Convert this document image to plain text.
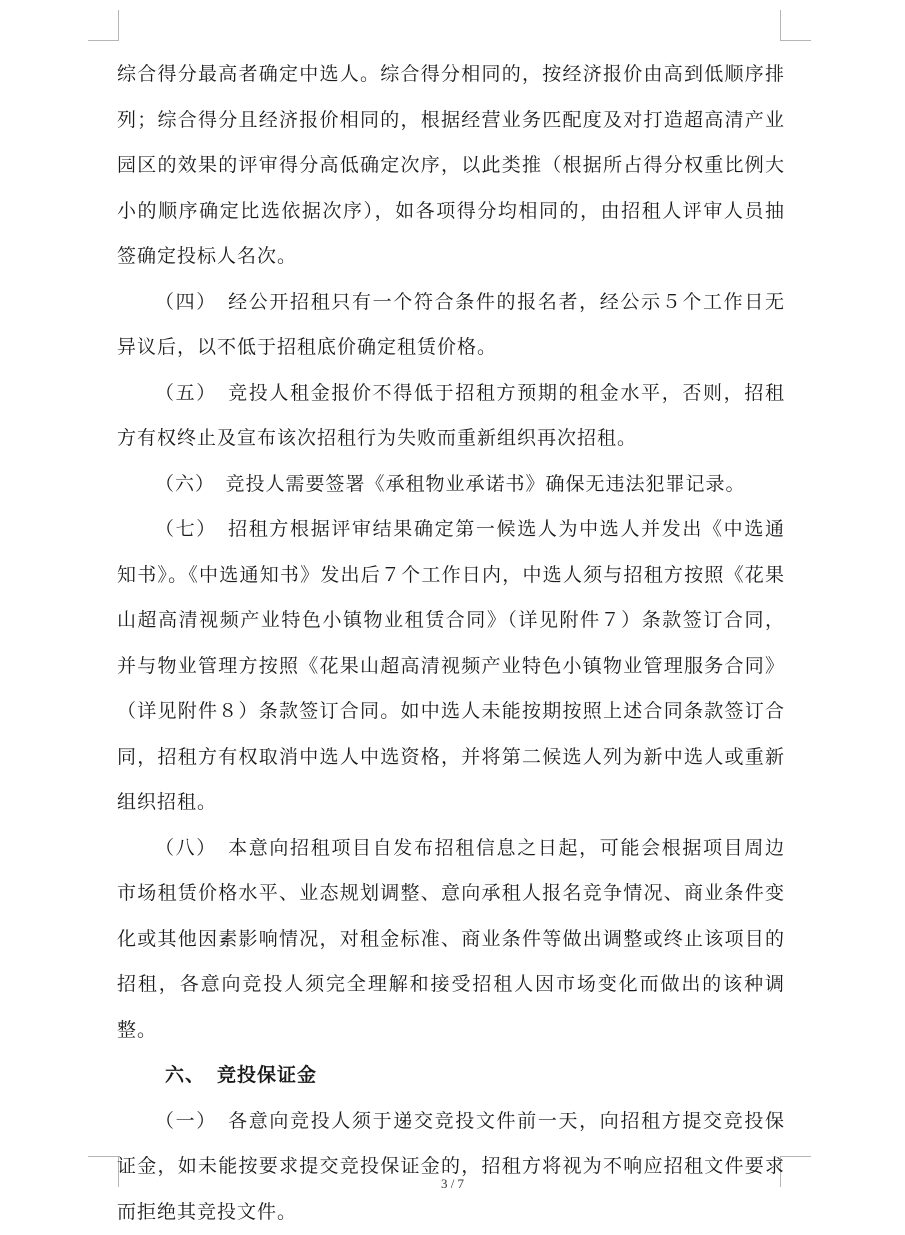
综合得分最高者确定中选人。综合得分相同的，按经济报价由高到低顺序排列；综合得分且经济报价相同的，根据经营业务匹配度及对打造超高清产业园区的效果的评审得分高低确定次序，以此类推（根据所占得分权重比例大小的顺序确定比选依据次序），如各项得分均相同的，由招租人评审人员抽签确定投标人名次。

（四）　经公开招租只有一个符合条件的报名者，经公示５个工作日无异议后，以不低于招租底价确定租赁价格。

（五）　竞投人租金报价不得低于招租方预期的租金水平，否则，招租方有权终止及宣布该次招租行为失败而重新组织再次招租。

（六）　竞投人需要签署《承租物业承诺书》确保无违法犯罪记录。

（七）　招租方根据评审结果确定第一候选人为中选人并发出《中选通知书》。《中选通知书》发出后７个工作日内，中选人须与招租方按照《花果山超高清视频产业特色小镇物业租赁合同》（详见附件７）条款签订合同，并与物业管理方按照《花果山超高清视频产业特色小镇物业管理服务合同》（详见附件８）条款签订合同。如中选人未能按期按照上述合同条款签订合同，招租方有权取消中选人中选资格，并将第二候选人列为新中选人或重新组织招租。

（八）　本意向招租项目自发布招租信息之日起，可能会根据项目周边市场租赁价格水平、业态规划调整、意向承租人报名竞争情况、商业条件变化或其他因素影响情况，对租金标准、商业条件等做出调整或终止该项目的招租，各意向竞投人须完全理解和接受招租人因市场变化而做出的该种调整。

六、 竞投保证金

（一）　各意向竞投人须于递交竞投文件前一天，向招租方提交竞投保证金，如未能按要求提交竞投保证金的，招租方将视为不响应招租文件要求而拒绝其竞投文件。

3 / 7
